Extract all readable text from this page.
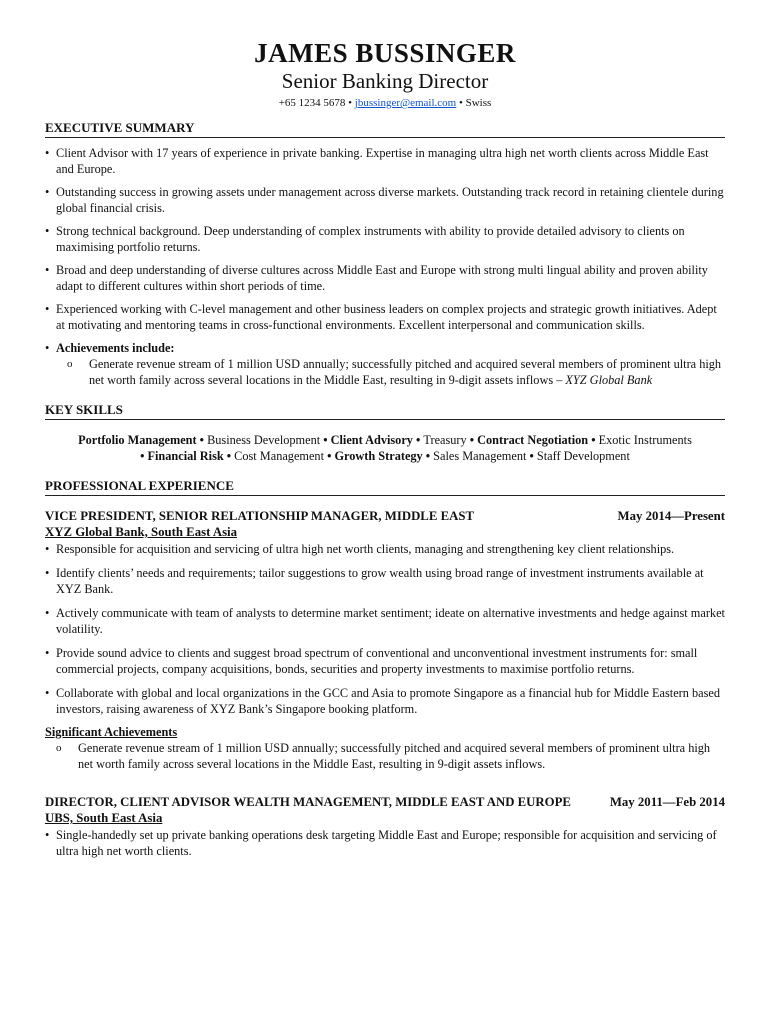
JAMES BUSSINGER
Senior Banking Director
+65 1234 5678 • jbussinger@email.com • Swiss
EXECUTIVE SUMMARY
• Client Advisor with 17 years of experience in private banking. Expertise in managing ultra high net worth clients across Middle East and Europe.
• Outstanding success in growing assets under management across diverse markets. Outstanding track record in retaining clientele during global financial crisis.
• Strong technical background. Deep understanding of complex instruments with ability to provide detailed advisory to clients on maximising portfolio returns.
• Broad and deep understanding of diverse cultures across Middle East and Europe with strong multi lingual ability and proven ability adapt to different cultures within short periods of time.
• Experienced working with C-level management and other business leaders on complex projects and strategic growth initiatives. Adept at motivating and mentoring teams in cross-functional environments. Excellent interpersonal and communication skills.
• Achievements include:
o Generate revenue stream of 1 million USD annually; successfully pitched and acquired several members of prominent ultra high net worth family across several locations in the Middle East, resulting in 9-digit assets inflows – XYZ Global Bank
KEY SKILLS
Portfolio Management • Business Development • Client Advisory • Treasury • Contract Negotiation • Exotic Instruments • Financial Risk • Cost Management • Growth Strategy • Sales Management • Staff Development
PROFESSIONAL EXPERIENCE
VICE PRESIDENT, SENIOR RELATIONSHIP MANAGER, MIDDLE EAST	May 2014—Present
XYZ Global Bank, South East Asia
• Responsible for acquisition and servicing of ultra high net worth clients, managing and strengthening key client relationships.
• Identify clients’ needs and requirements; tailor suggestions to grow wealth using broad range of investment instruments available at XYZ Bank.
• Actively communicate with team of analysts to determine market sentiment; ideate on alternative investments and hedge against market volatility.
• Provide sound advice to clients and suggest broad spectrum of conventional and unconventional investment instruments for: small commercial projects, company acquisitions, bonds, securities and property investments to maximise portfolio returns.
• Collaborate with global and local organizations in the GCC and Asia to promote Singapore as a financial hub for Middle Eastern based investors, raising awareness of XYZ Bank’s Singapore booking platform.
Significant Achievements
o Generate revenue stream of 1 million USD annually; successfully pitched and acquired several members of prominent ultra high net worth family across several locations in the Middle East, resulting in 9-digit assets inflows.
DIRECTOR, CLIENT ADVISOR WEALTH MANAGEMENT, MIDDLE EAST AND EUROPE	May 2011—Feb 2014
UBS, South East Asia
• Single-handedly set up private banking operations desk targeting Middle East and Europe; responsible for acquisition and servicing of ultra high net worth clients.
